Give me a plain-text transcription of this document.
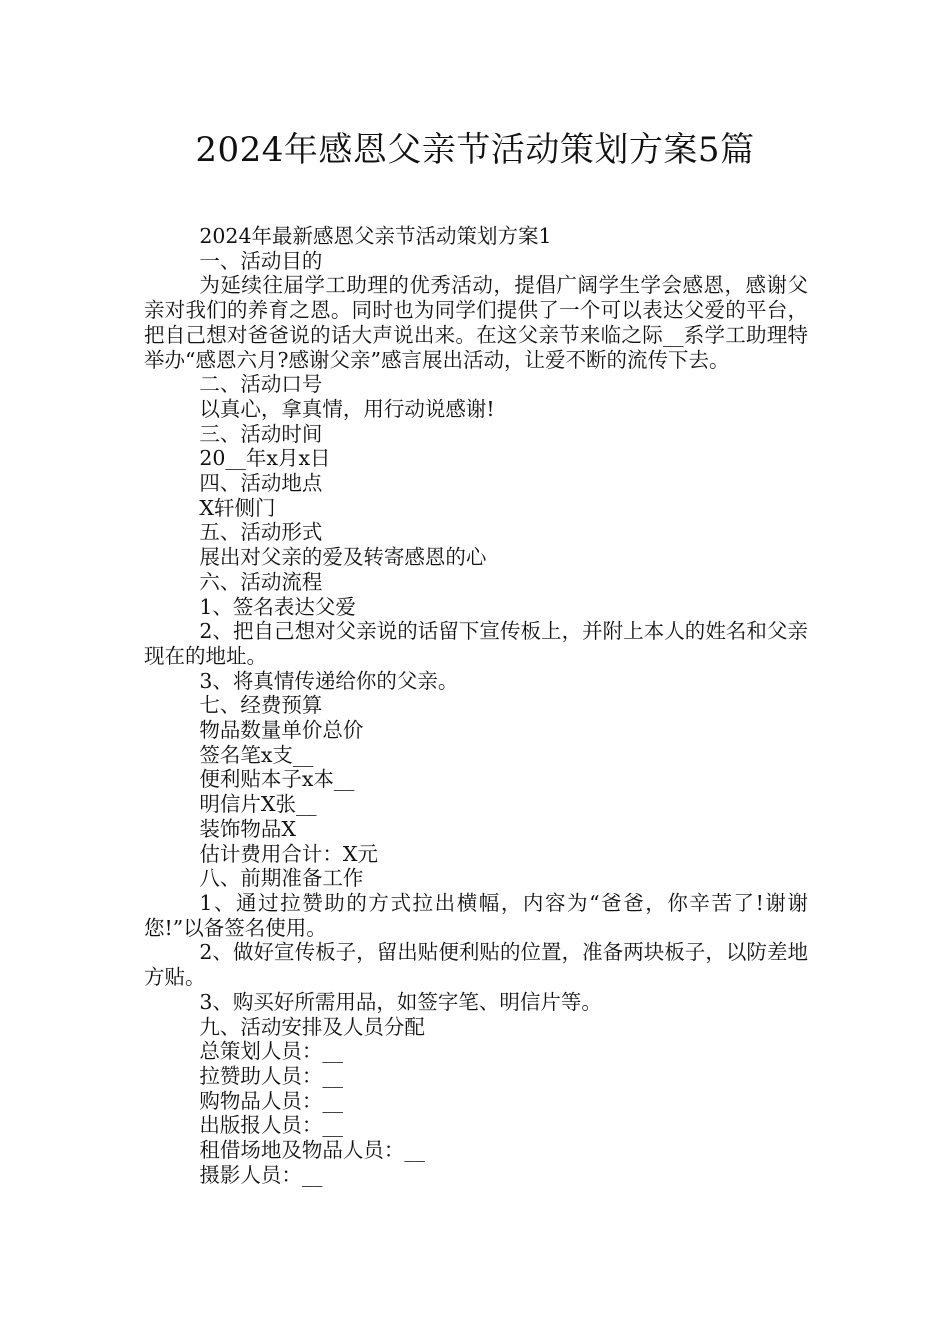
2024年感恩父亲节活动策划方案5篇

2024年最新感恩父亲节活动策划方案1

一、活动目的

为延续往届学工助理的优秀活动，提倡广阔学生学会感恩，感谢父亲对我们的养育之恩。同时也为同学们提供了一个可以表达父爱的平台，把自己想对爸爸说的话大声说出来。在这父亲节来临之际__系学工助理特举办“感恩六月?感谢父亲”感言展出活动，让爱不断的流传下去。

二、活动口号

以真心，拿真情，用行动说感谢!

三、活动时间

20__年x月x日

四、活动地点

X轩侧门

五、活动形式

展出对父亲的爱及转寄感恩的心

六、活动流程

1、签名表达父爱

2、把自己想对父亲说的话留下宣传板上，并附上本人的姓名和父亲现在的地址。

3、将真情传递给你的父亲。

七、经费预算

物品数量单价总价

签名笔x支__

便利贴本子x本__

明信片X张__

装饰物品X

估计费用合计：X元

八、前期准备工作

1、通过拉赞助的方式拉出横幅，内容为“爸爸，你辛苦了!谢谢您!”以备签名使用。

2、做好宣传板子，留出贴便利贴的位置，准备两块板子，以防差地方贴。

3、购买好所需用品，如签字笔、明信片等。

九、活动安排及人员分配

总策划人员：__

拉赞助人员：__

购物品人员：__

出版报人员：__

租借场地及物品人员：__

摄影人员：__
